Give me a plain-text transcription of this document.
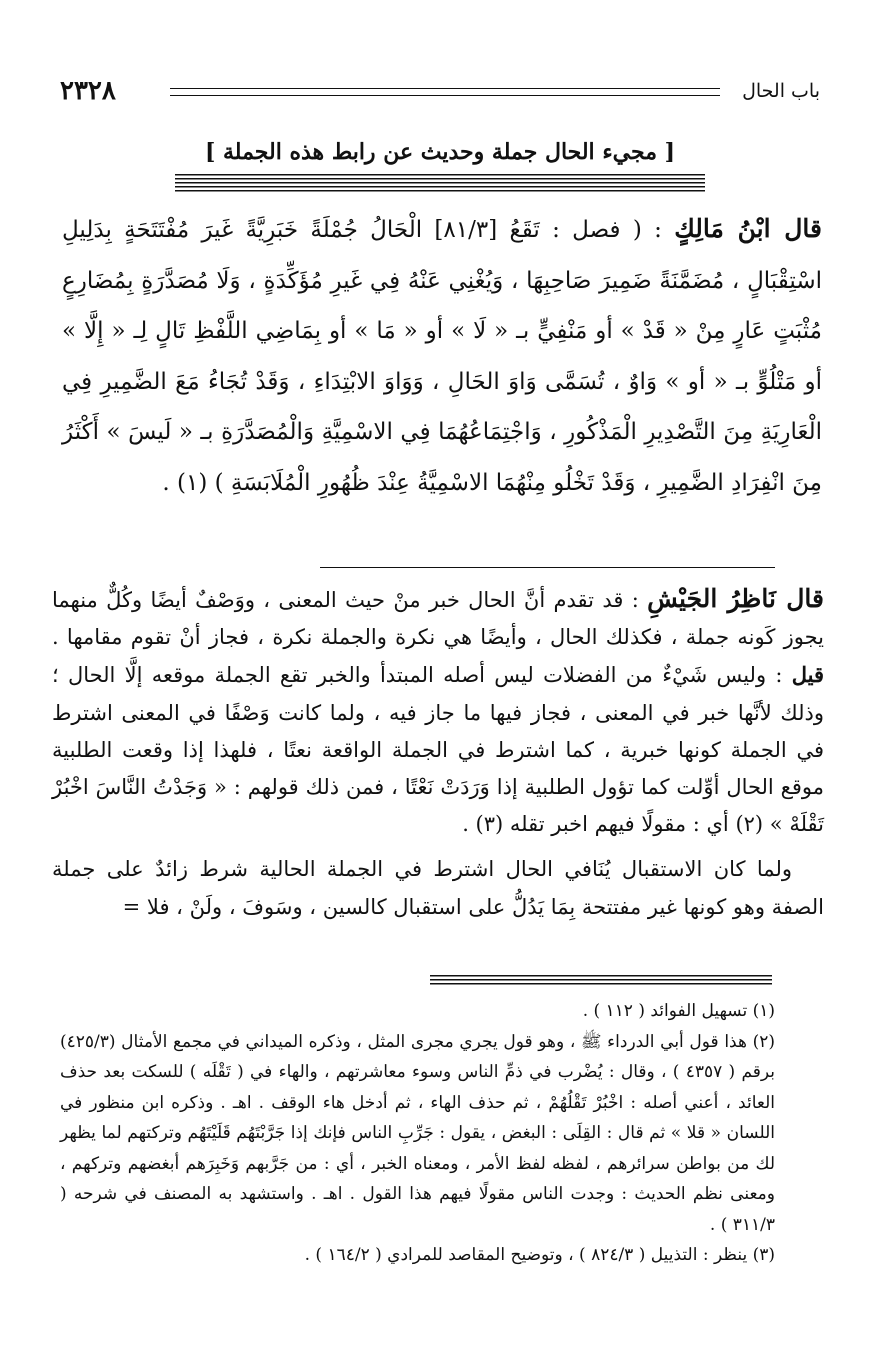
٢٣٢٨	باب الحال
[ مجيء الحال جملة وحديث عن رابط هذه الجملة ]
قال ابْنُ مَالِكٍ : ( فصل : تَقَعُ [٨١/٣] الْحَالُ جُمْلَةً خَبَرِيَّةً غَيرَ مُفْتَتَحَةٍ بِدَلِيلِ اسْتِقْبَالٍ ، مُضَمَّنَةً ضَمِيرَ صَاحِبِهَا ، وَيُغْنِي عَنْهُ فِي غَيرِ مُؤَكِّدَةٍ ، وَلَا مُصَدَّرَةٍ بِمُضَارِعٍ مُثْبَتٍ عَارٍ مِنْ « قَدْ » أو مَنْفِيٍّ بـ « لَا » أو « مَا » أو بِمَاضِي اللَّفْظِ تَالٍ لِـ « إِلَّا » أو مَتْلُوٍّ بـ « أو » وَاوٌ ، تُسَمَّى وَاوَ الحَالِ ، وَوَاوَ الابْتِدَاءِ ، وَقَدْ تُجَاءُ مَعَ الضَّمِيرِ فِي الْعَارِيَةِ مِنَ التَّصْدِيرِ الْمَذْكُورِ ، وَاجْتِمَاعُهُمَا فِي الاسْمِيَّةِ وَالْمُصَدَّرَةِ بـ « لَيسَ » أَكْثَرُ مِنَ انْفِرَادِ الضَّمِيرِ ، وَقَدْ تَخْلُو مِنْهُمَا الاسْمِيَّةُ عِنْدَ ظُهُورِ الْمُلَابَسَةِ ) (١) .

قال نَاظِرُ الجَيْشِ : قد تقدم أنَّ الحال خبر منْ حيث المعنى ، ووَصْفٌ أيضًا وكُلٌّ منهما يجوز كَونه جملة ، فكذلك الحال ، وأيضًا هي نكرة والجملة نكرة ، فجاز أنْ تقوم مقامها . قيل : وليس شَيْءٌ من الفضلات ليس أصله المبتدأ والخبر تقع الجملة موقعه إلَّا الحال ؛ وذلك لأنَّها خبر في المعنى ، فجاز فيها ما جاز فيه ، ولما كانت وَصْفًا في المعنى اشترط في الجملة كونها خبرية ، كما اشترط في الجملة الواقعة نعتًا ، فلهذا إذا وقعت الطلبية موقع الحال أوِّلت كما تؤول الطلبية إذا وَرَدَتْ نَعْتًا ، فمن ذلك قولهم : « وَجَدْتُ النَّاسَ اخْبُرْ تَقْلَهْ » (٢) أي : مقولًا فيهم اخبر تقله (٣) .

ولما كان الاستقبال يُنَافي الحال اشترط في الجملة الحالية شرط زائدٌ على جملة الصفة وهو كونها غير مفتتحة بِمَا يَدُلُّ على استقبال كالسين ، وسَوفَ ، ولَنْ ، فلا =

(١) تسهيل الفوائد ( ١١٢ ) .

(٢) هذا قول أبي الدرداء ﷺ ، وهو قول يجري مجرى المثل ، وذكره الميداني في مجمع الأمثال (٤٢٥/٣) برقم ( ٤٣٥٧ ) ، وقال : يُضْرب في ذمِّ الناس وسوء معاشرتهم ، والهاء في ( تَقْلَه ) للسكت بعد حذف العائد ، أعني أصله : اخْبُرْ تَقْلُهُمْ ، ثم حذف الهاء ، ثم أدخل هاء الوقف . اهـ . وذكره ابن منظور في اللسان « قلا » ثم قال : القِلَى : البغض ، يقول : جَرِّبِ الناس فإنك إذا جَرَّبْتَهُم قَلَيْتَهُم وتركتهم لما يظهر لك من بواطن سرائرهم ، لفظه لفظ الأمر ، ومعناه الخبر ، أي : من جَرَّبهم وَخَبِرَهم أبغضهم وتركهم ، ومعنى نظم الحديث : وجدت الناس مقولًا فيهم هذا القول . اهـ . واستشهد به المصنف في شرحه ( ٣١١/٣ ) .

(٣) ينظر : التذييل ( ٨٢٤/٣ ) ، وتوضيح المقاصد للمرادي ( ١٦٤/٢ ) .
